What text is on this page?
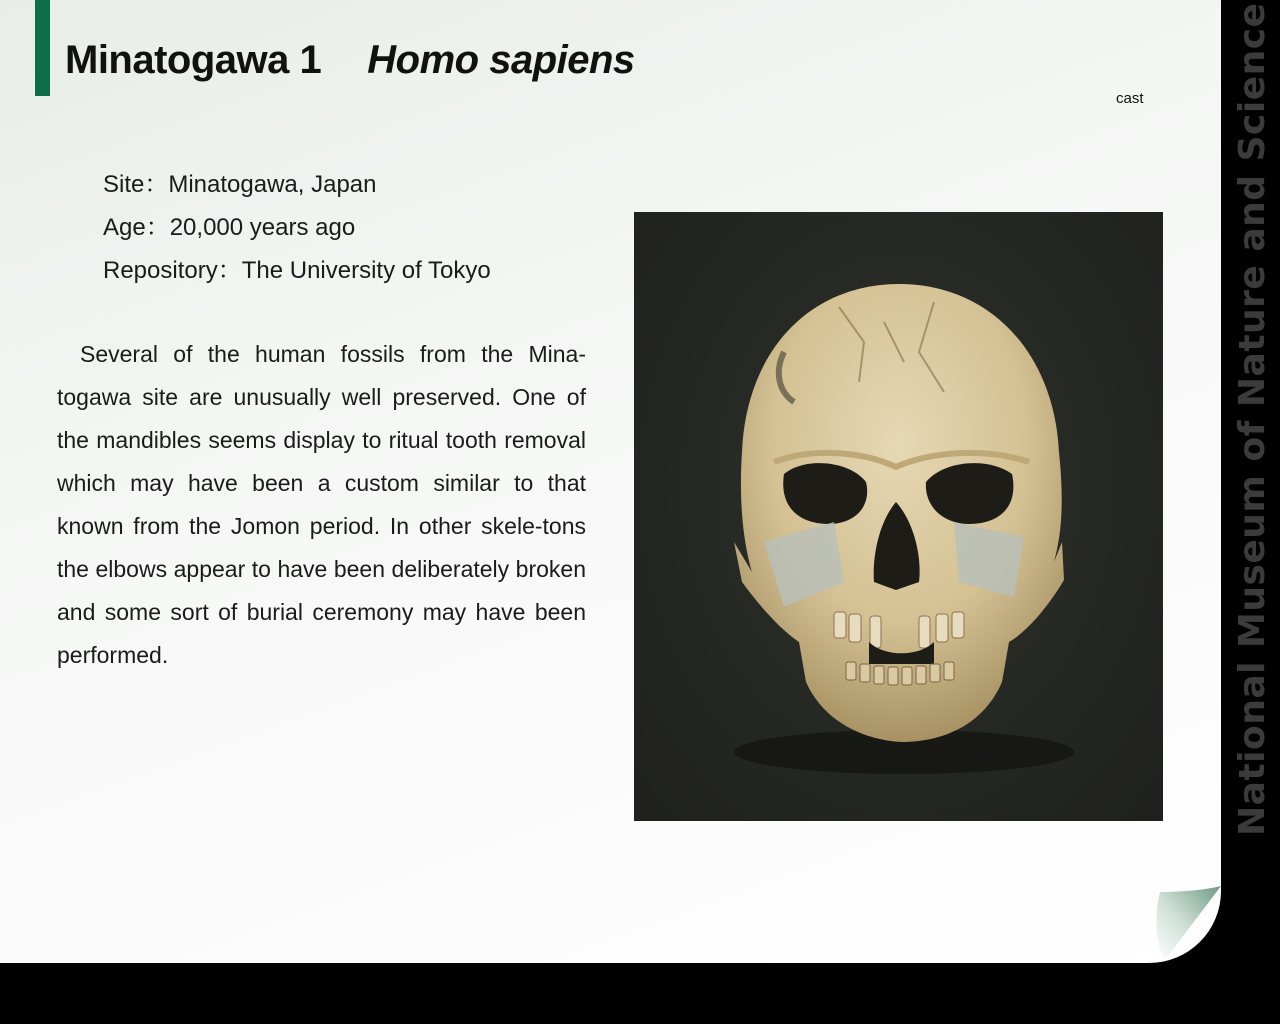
Minatogawa 1 Homo sapiens
cast
Site：Minatogawa, Japan
Age：20,000 years ago
Repository：The University of Tokyo
Several of the human fossils from the Mina-togawa site are unusually well preserved. One of the mandibles seems display to ritual tooth removal which may have been a custom similar to that known from the Jomon period. In other skele-tons the elbows appear to have been deliberately broken and some sort of burial ceremony may have been performed.	National Museum of Nature and Science
